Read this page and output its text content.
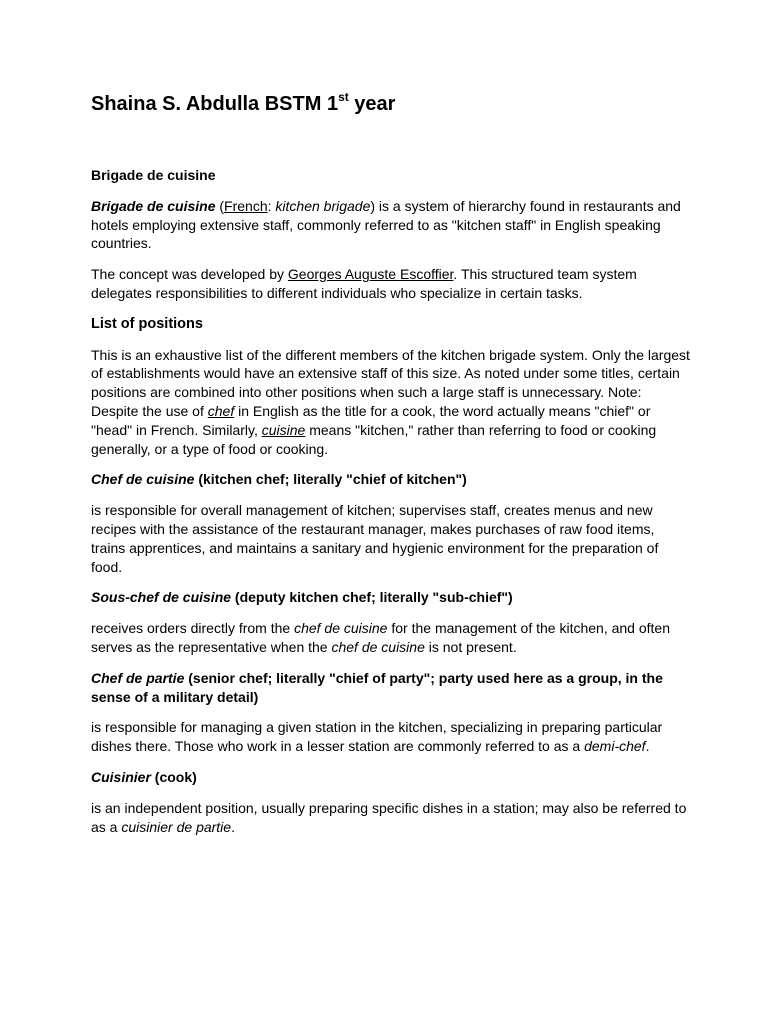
Shaina S. Abdulla BSTM 1st year
Brigade de cuisine

Brigade de cuisine (French: kitchen brigade) is a system of hierarchy found in restaurants and hotels employing extensive staff, commonly referred to as "kitchen staff" in English speaking countries.

The concept was developed by Georges Auguste Escoffier. This structured team system delegates responsibilities to different individuals who specialize in certain tasks.

List of positions

This is an exhaustive list of the different members of the kitchen brigade system. Only the largest of establishments would have an extensive staff of this size. As noted under some titles, certain positions are combined into other positions when such a large staff is unnecessary. Note: Despite the use of chef in English as the title for a cook, the word actually means "chief" or "head" in French. Similarly, cuisine means "kitchen," rather than referring to food or cooking generally, or a type of food or cooking.

Chef de cuisine (kitchen chef; literally "chief of kitchen")

is responsible for overall management of kitchen; supervises staff, creates menus and new recipes with the assistance of the restaurant manager, makes purchases of raw food items, trains apprentices, and maintains a sanitary and hygienic environment for the preparation of food.

Sous-chef de cuisine (deputy kitchen chef; literally "sub-chief")

receives orders directly from the chef de cuisine for the management of the kitchen, and often serves as the representative when the chef de cuisine is not present.

Chef de partie (senior chef; literally "chief of party"; party used here as a group, in the sense of a military detail)

is responsible for managing a given station in the kitchen, specializing in preparing particular dishes there. Those who work in a lesser station are commonly referred to as a demi-chef.

Cuisinier (cook)

is an independent position, usually preparing specific dishes in a station; may also be referred to as a cuisinier de partie.
